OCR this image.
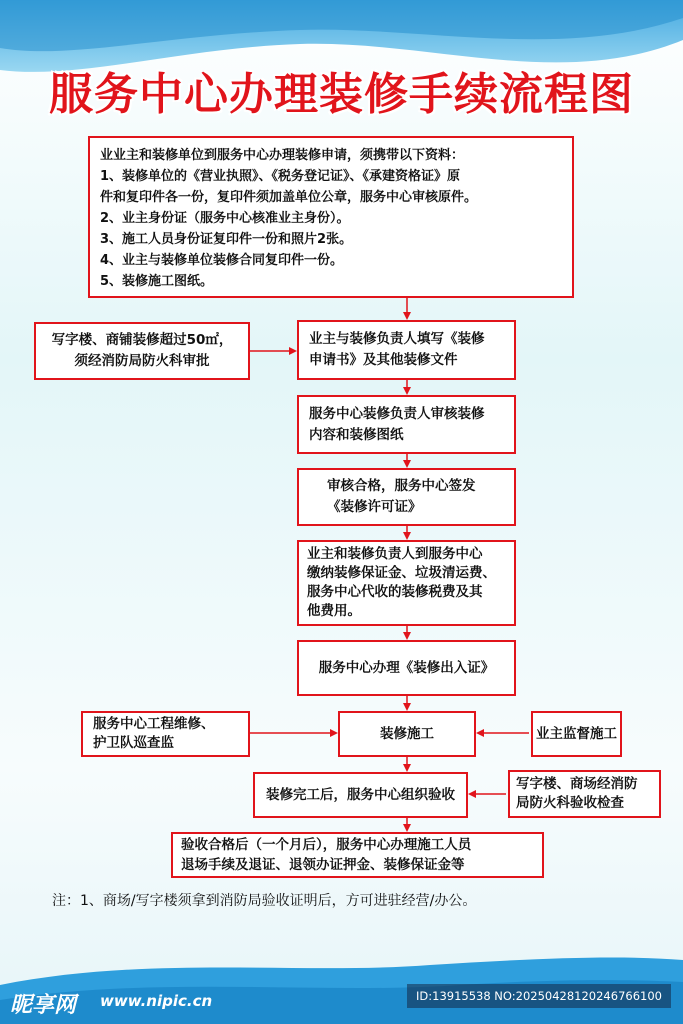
服务中心办理装修手续流程图
业业主和装修单位到服务中心办理装修申请，须携带以下资料：
1、装修单位的《营业执照》、《税务登记证》、《承建资格证》原
件和复印件各一份，复印件须加盖单位公章，服务中心审核原件。
2、业主身份证（服务中心核准业主身份）。
3、施工人员身份证复印件一份和照片2张。
4、业主与装修单位装修合同复印件一份。
5、装修施工图纸。
写字楼、商铺装修超过50㎡，
须经消防局防火科审批
业主与装修负责人填写《装修
申请书》及其他装修文件
服务中心装修负责人审核装修
内容和装修图纸
审核合格，服务中心签发
《装修许可证》
业主和装修负责人到服务中心
缴纳装修保证金、垃圾清运费、
服务中心代收的装修税费及其
他费用。
服务中心办理《装修出入证》
服务中心工程维修、
护卫队巡查监
装修施工	业主监督施工
装修完工后，服务中心组织验收
写字楼、商场经消防
局防火科验收检查
验收合格后（一个月后），服务中心办理施工人员
退场手续及退证、退领办证押金、装修保证金等
注：1、商场/写字楼须拿到消防局验收证明后，方可进驻经营/办公。
昵享网 www.nipic.cn	ID:13915538 NO:20250428120246766100
